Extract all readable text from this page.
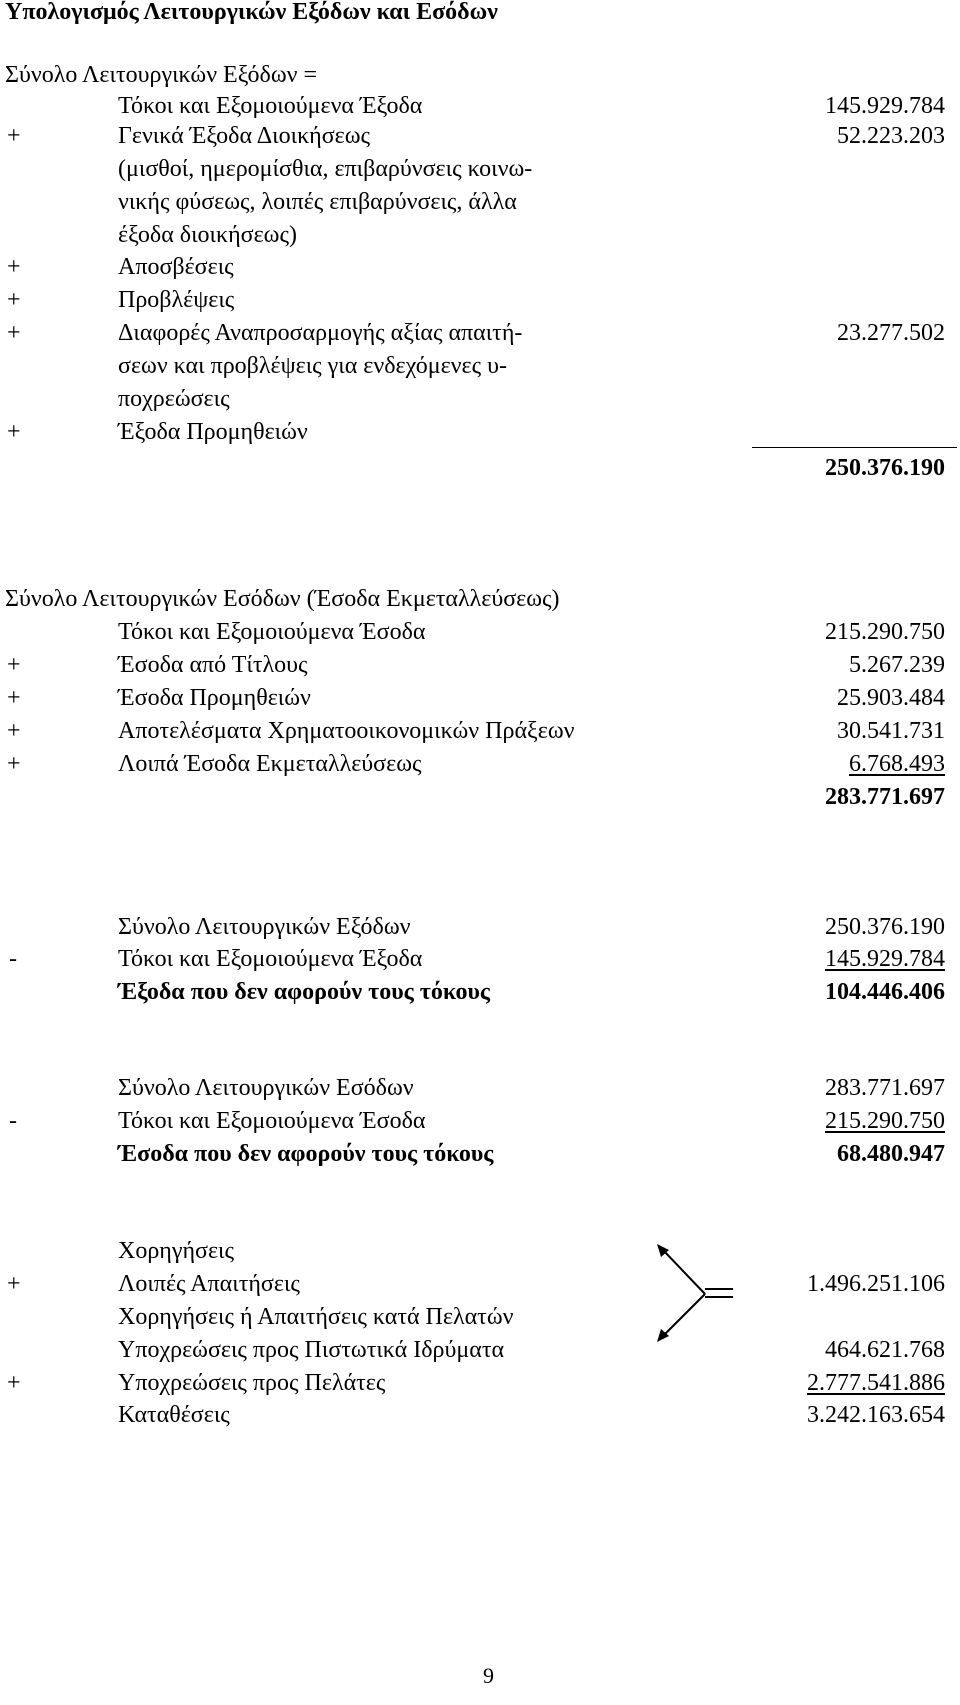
Υπολογισμός Λειτουργικών Εξόδων και Εσόδων
Σύνολο Λειτουργικών Εξόδων =
Τόκοι και Εξομοιούμενα Έξοδα	145.929.784
+	Γενικά Έξοδα Διοικήσεως	52.223.203
(μισθοί, ημερομίσθια, επιβαρύνσεις κοινω-
νικής φύσεως, λοιπές επιβαρύνσεις, άλλα
έξοδα διοικήσεως)
+	Αποσβέσεις
+	Προβλέψεις
+	Διαφορές Αναπροσαρμογής αξίας απαιτή-	23.277.502
σεων και προβλέψεις για ενδεχόμενες υ-
ποχρεώσεις
+	Έξοδα Προμηθειών
250.376.190
Σύνολο Λειτουργικών Εσόδων (Έσοδα Εκμεταλλεύσεως)
Τόκοι και Εξομοιούμενα Έσοδα	215.290.750
+	Έσοδα από Τίτλους	5.267.239
+	Έσοδα Προμηθειών	25.903.484
+	Αποτελέσματα Χρηματοοικονομικών Πράξεων	30.541.731
+	Λοιπά Έσοδα Εκμεταλλεύσεως	6.768.493
283.771.697
Σύνολο Λειτουργικών Εξόδων	250.376.190
-	Τόκοι και Εξομοιούμενα Έξοδα	145.929.784
Έξοδα που δεν αφορούν τους τόκους	104.446.406
Σύνολο Λειτουργικών Εσόδων	283.771.697
-	Τόκοι και Εξομοιούμενα Έσοδα	215.290.750
Έσοδα που δεν αφορούν τους τόκους	68.480.947
Χορηγήσεις
+	Λοιπές Απαιτήσεις	1.496.251.106
Χορηγήσεις ή Απαιτήσεις κατά Πελατών
Υποχρεώσεις προς Πιστωτικά Ιδρύματα	464.621.768
+	Υποχρεώσεις προς Πελάτες	2.777.541.886
Καταθέσεις	3.242.163.654
9
